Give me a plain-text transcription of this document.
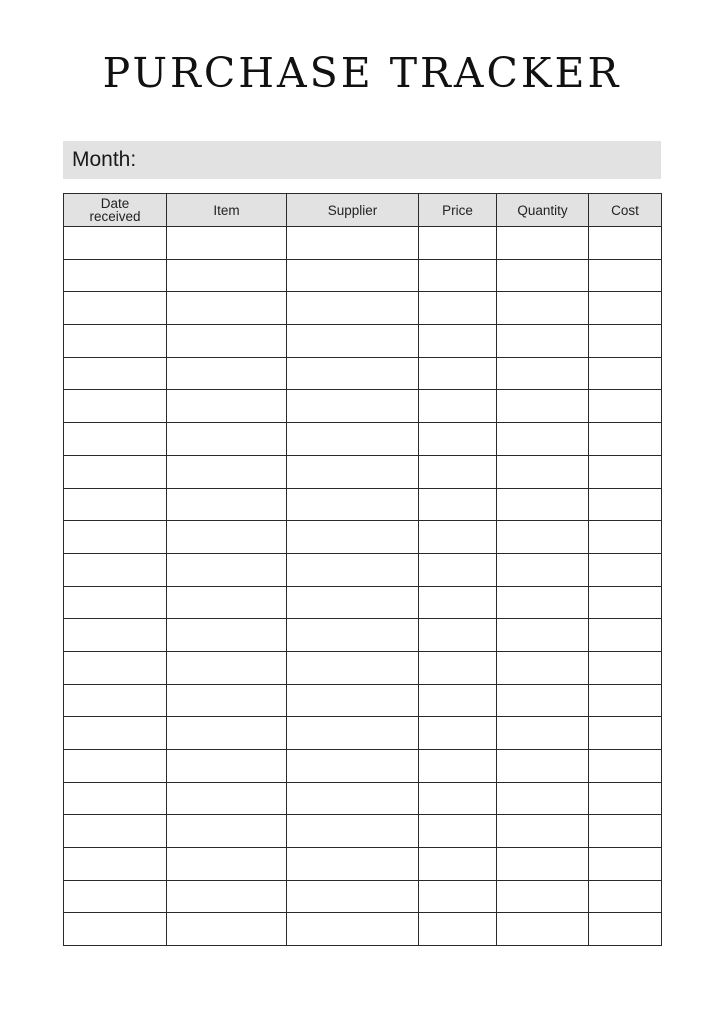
PURCHASE TRACKER
Month:
Date received	Item	Supplier	Price	Quantity	Cost
